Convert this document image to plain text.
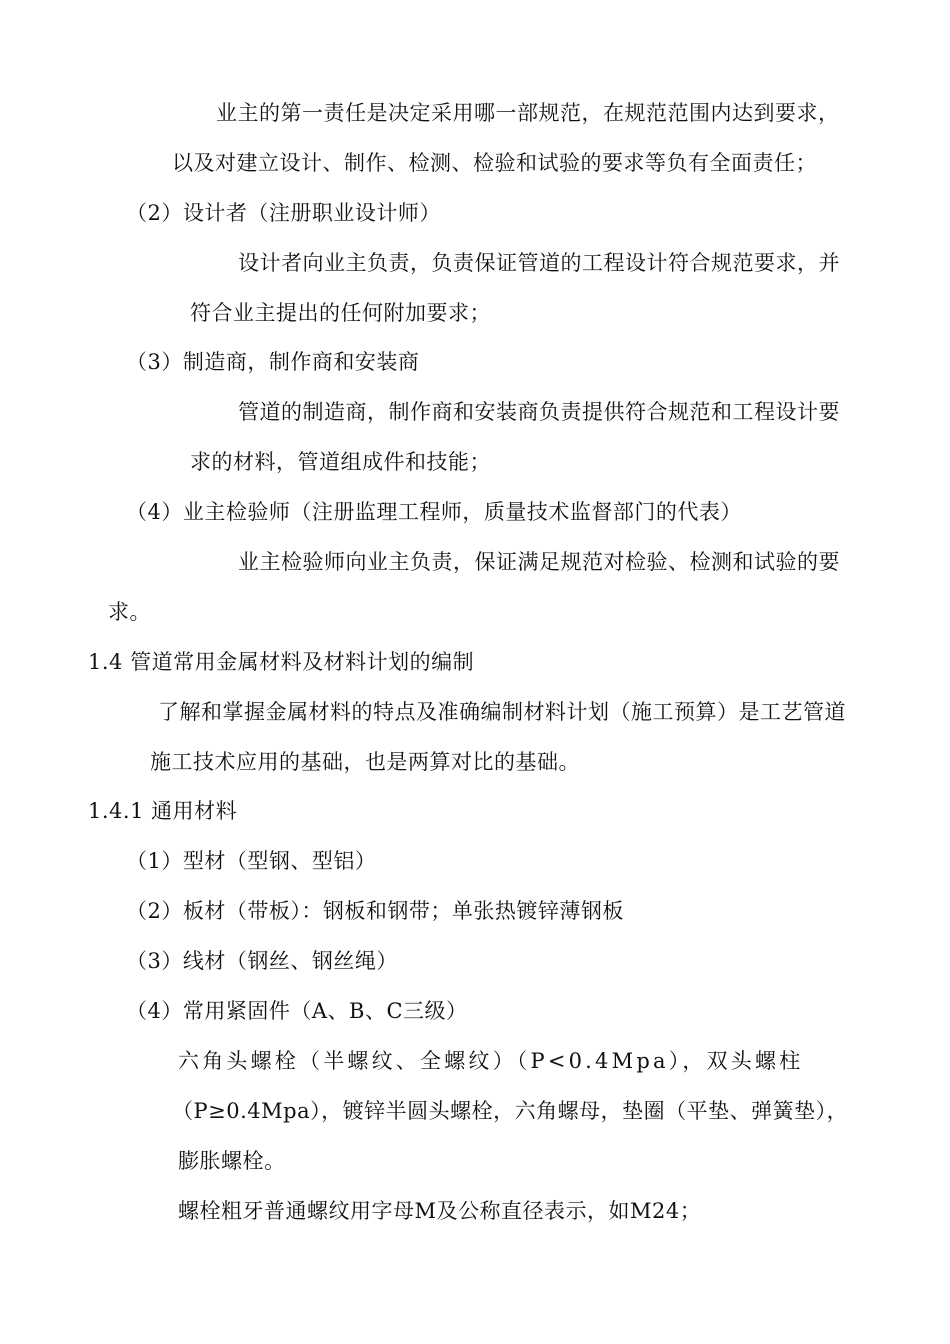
业主的第一责任是决定采用哪一部规范，在规范范围内达到要求，
以及对建立设计、制作、检测、检验和试验的要求等负有全面责任；
（2）设计者（注册职业设计师）
设计者向业主负责，负责保证管道的工程设计符合规范要求，并
符合业主提出的任何附加要求；
（3）制造商，制作商和安装商
管道的制造商，制作商和安装商负责提供符合规范和工程设计要
求的材料，管道组成件和技能；
（4）业主检验师（注册监理工程师，质量技术监督部门的代表）
业主检验师向业主负责，保证满足规范对检验、检测和试验的要
求。
1.4 管道常用金属材料及材料计划的编制
了解和掌握金属材料的特点及准确编制材料计划（施工预算）是工艺管道
施工技术应用的基础，也是两算对比的基础。
1.4.1 通用材料
（1）型材（型钢、型铝）
（2）板材（带板）：钢板和钢带；单张热镀锌薄钢板
（3）线材（钢丝、钢丝绳）
（4）常用紧固件（A、B、C三级）
六角头螺栓（半螺纹、全螺纹）（P<0.4Mpa），双头螺柱
（P≥0.4Mpa），镀锌半圆头螺栓，六角螺母，垫圈（平垫、弹簧垫），
膨胀螺栓。
螺栓粗牙普通螺纹用字母M及公称直径表示，如M24；
